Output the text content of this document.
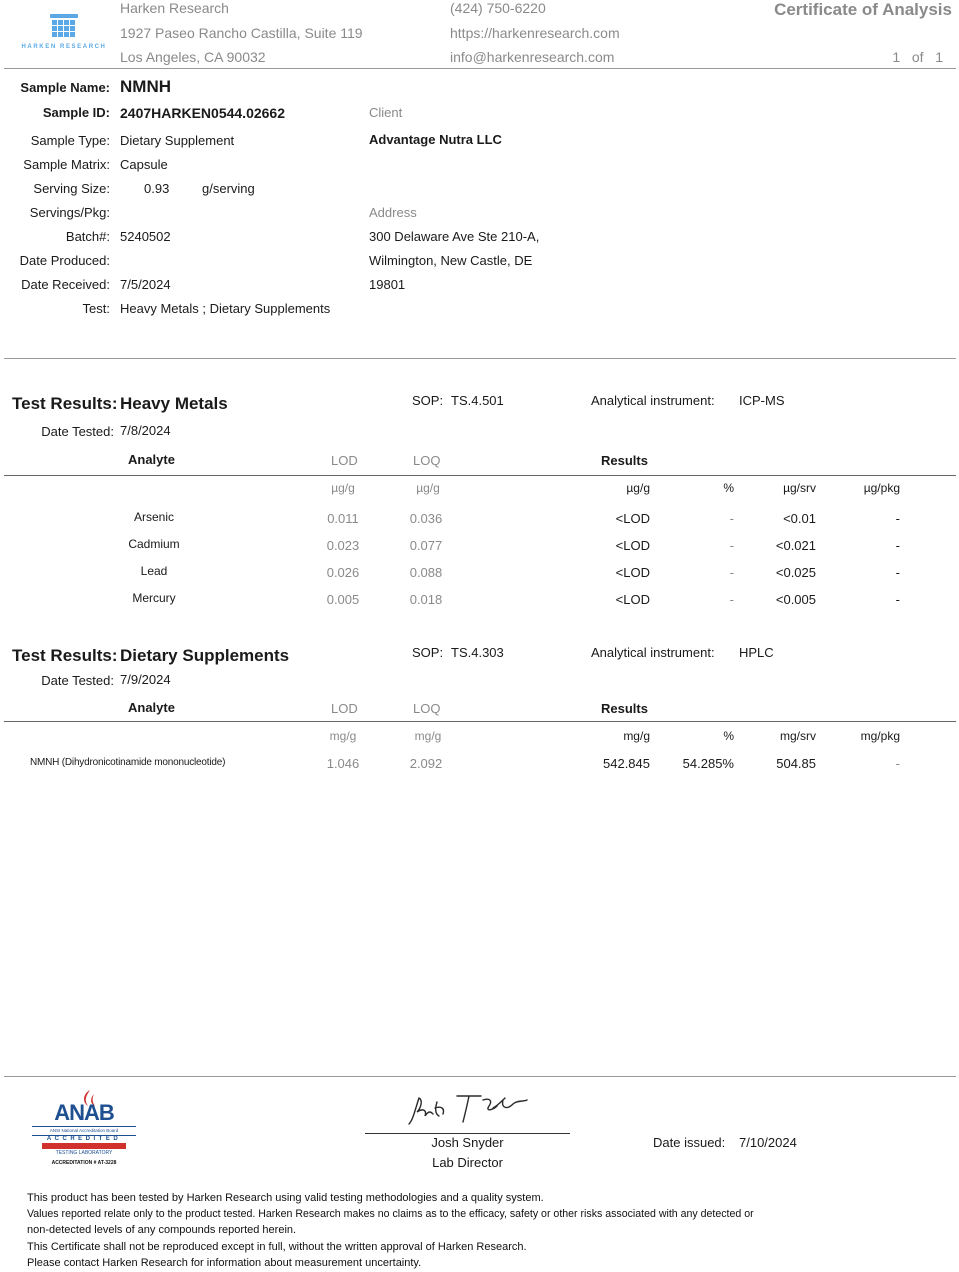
HARKEN RESEARCH
Harken Research
1927 Paseo Rancho Castilla, Suite 119
Los Angeles, CA 90032
(424) 750-6220
https://harkenresearch.com
info@harkenresearch.com
Certificate of Analysis
1 of 1
Sample Name: NMNH
Sample ID: 2407HARKEN0544.02662
Sample Type: Dietary Supplement
Sample Matrix: Capsule
Serving Size:	0.93	g/serving
Servings/Pkg:
Batch#: 5240502
Date Produced:
Date Received: 7/5/2024
Test: Heavy Metals ; Dietary Supplements
Client
Advantage Nutra LLC
Address
300 Delaware Ave Ste 210-A,
Wilmington, New Castle, DE
19801
Test Results: Heavy Metals	SOP: TS.4.501	Analytical instrument: ICP-MS
Date Tested: 7/8/2024
Analyte	LOD	LOQ	Results
µg/g	µg/g	µg/g	%	µg/srv	µg/pkg
Arsenic	0.011	0.036	<LOD	-	<0.01	-
Cadmium	0.023	0.077	<LOD	-	<0.021	-
Lead	0.026	0.088	<LOD	-	<0.025	-
Mercury	0.005	0.018	<LOD	-	<0.005	-
Test Results: Dietary Supplements	SOP: TS.4.303	Analytical instrument: HPLC
Date Tested: 7/9/2024
Analyte	LOD	LOQ	Results
mg/g	mg/g	mg/g	%	mg/srv	mg/pkg
NMNH (Dihydronicotinamide mononucleotide)	1.046	2.092	542.845	54.285%	504.85	-
ANAB
ANSI National Accreditation Board
ACCREDITED
TESTING LABORATORY
ACCREDITATION # AT-3228
Josh Snyder
Lab Director
Date issued: 7/10/2024
This product has been tested by Harken Research using valid testing methodologies and a quality system.
Values reported relate only to the product tested. Harken Research makes no claims as to the efficacy, safety or other risks associated with any detected or
non-detected levels of any compounds reported herein.
This Certificate shall not be reproduced except in full, without the written approval of Harken Research.
Please contact Harken Research for information about measurement uncertainty.
